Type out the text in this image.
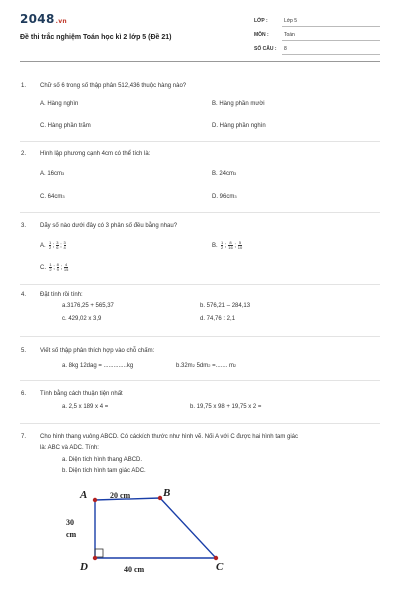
2048.vn
Đề thi trắc nghiệm Toán học kì 2 lớp 5 (Đề 21)
LỚP :	Lớp 5
MÔN :	Toán
SỐ CÂU : 8
1. Chữ số 6 trong số thập phân 512,436 thuộc hàng nào?
A. Hàng nghìn	B. Hàng phần mười
C. Hàng phần trăm	D. Hàng phần nghìn
2. Hình lập phương cạnh 4cm có thể tích là:
A. $16cm^3$	B. $24cm^3$
C. $64cm^3$	D. $96cm^3$
3. Dãy số nào dưới đây có 3 phân số đều bằng nhau?
A. $\frac{1}{2}$ ; $\frac{3}{6}$ ; $\frac{3}{4}$	B. $\frac{1}{2}$ ; $\frac{8}{16}$ ; $\frac{5}{10}$
C. $\frac{1}{2}$ ; $\frac{8}{9}$ ; $\frac{4}{15}$
4. Đặt tính rồi tính:
a.3176,25 + 565,37	b. 576,21 – 284,13
c. 429,02 x 3,9	d. 74,76 : 2,1
5. Viết số thập phân thích hợp vào chỗ chấm:
a. 8kg 12dag = ..............kg	$b.32m^2$ $5dm^2$ =....... $m^2$
6. Tính bằng cách thuận tiện nhất
a. 2,5 x 189 x 4 =	b. 19,75 x 98 + 19,75 x 2 =
7. Cho hình thang vuông ABCD. Có cáckích thước như hình vẽ. Nối A với C được hai hình tam giác
là: ABC và ADC. Tính:
a. Diện tích hình thang ABCD.
b. Diện tích hình tam giác ADC.
A	B
C
D
20 cm
30
cm
40 cm
